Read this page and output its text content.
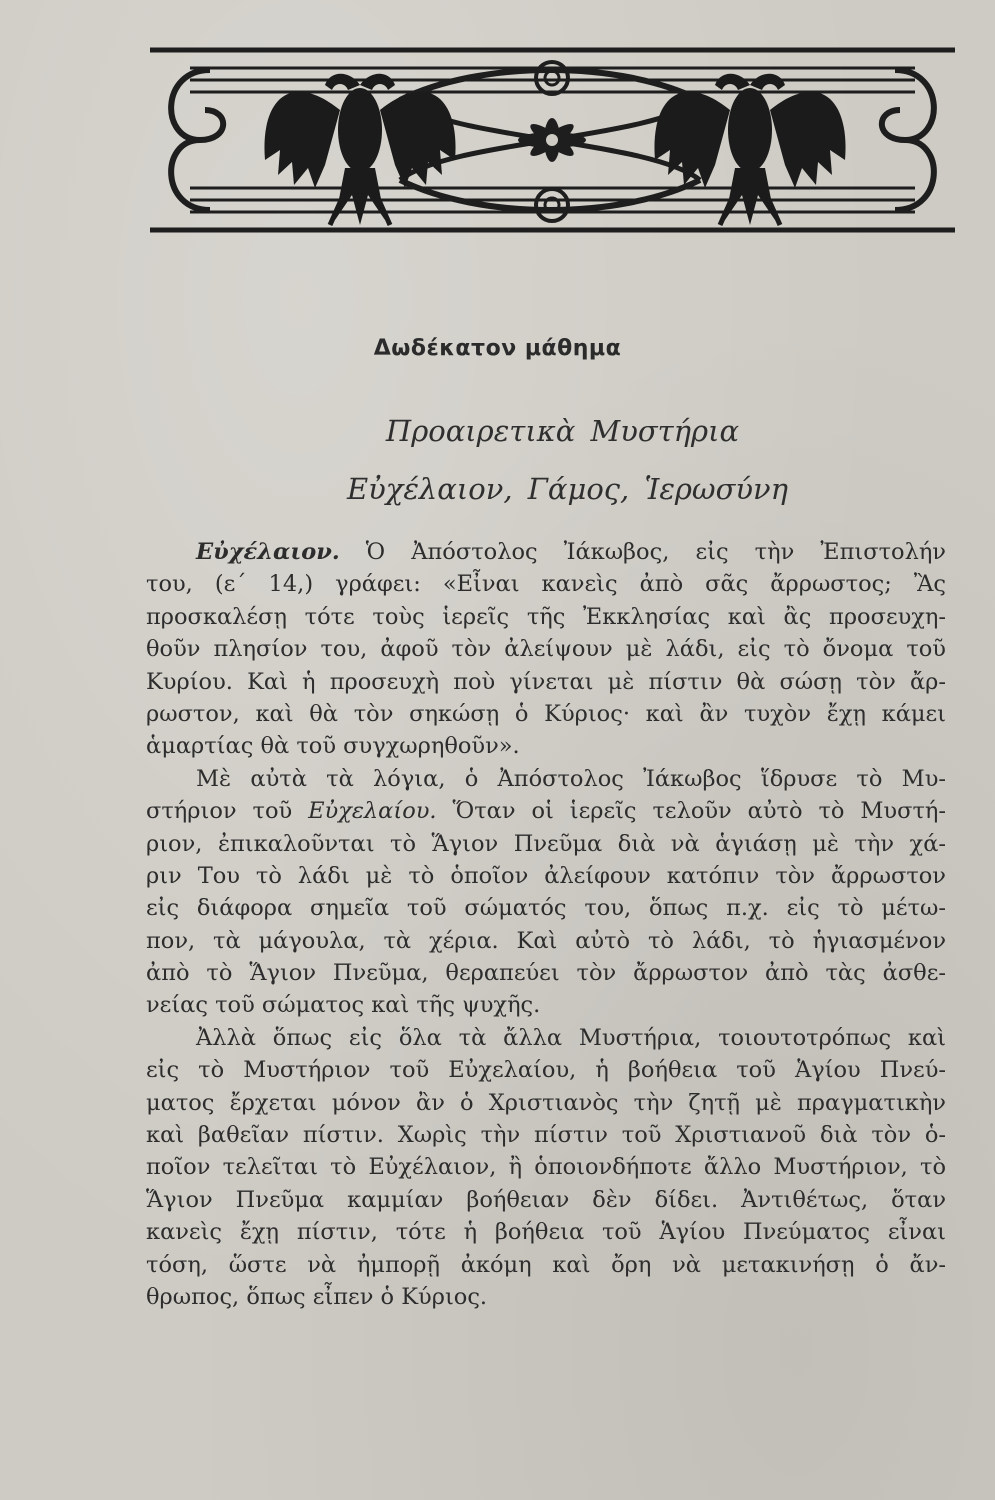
Δωδέκατον μάθημα
Προαιρετικὰ Μυστήρια
Εὐχέλαιον, Γάμος, Ἱερωσύνη
Εὐχέλαιον. Ὁ Ἀπόστολος Ἰάκωβος, εἰς τὴν Ἐπιστολήν
του, (ε΄ 14,) γράφει: «Εἶναι κανεὶς ἀπὸ σᾶς ἄρρωστος; Ἂς
προσκαλέσῃ τότε τοὺς ἱερεῖς τῆς Ἐκκλησίας καὶ ἂς προσευχη-
θοῦν πλησίον του, ἀφοῦ τὸν ἀλείψουν μὲ λάδι, εἰς τὸ ὄνομα τοῦ
Κυρίου. Καὶ ἡ προσευχὴ ποὺ γίνεται μὲ πίστιν θὰ σώσῃ τὸν ἄρ-
ρωστον, καὶ θὰ τὸν σηκώσῃ ὁ Κύριος· καὶ ἂν τυχὸν ἔχῃ κάμει
ἁμαρτίας θὰ τοῦ συγχωρηθοῦν».
Μὲ αὐτὰ τὰ λόγια, ὁ Ἀπόστολος Ἰάκωβος ἵδρυσε τὸ Μυ-
στήριον τοῦ Εὐχελαίου. Ὅταν οἱ ἱερεῖς τελοῦν αὐτὸ τὸ Μυστή-
ριον, ἐπικαλοῦνται τὸ Ἅγιον Πνεῦμα διὰ νὰ ἁγιάσῃ μὲ τὴν χά-
ριν Του τὸ λάδι μὲ τὸ ὁποῖον ἀλείφουν κατόπιν τὸν ἄρρωστον
εἰς διάφορα σημεῖα τοῦ σώματός του, ὅπως π.χ. εἰς τὸ μέτω-
πον, τὰ μάγουλα, τὰ χέρια. Καὶ αὐτὸ τὸ λάδι, τὸ ἡγιασμένον
ἀπὸ τὸ Ἅγιον Πνεῦμα, θεραπεύει τὸν ἄρρωστον ἀπὸ τὰς ἀσθε-
νείας τοῦ σώματος καὶ τῆς ψυχῆς.
Ἀλλὰ ὅπως εἰς ὅλα τὰ ἄλλα Μυστήρια, τοιουτοτρόπως καὶ
εἰς τὸ Μυστήριον τοῦ Εὐχελαίου, ἡ βοήθεια τοῦ Ἁγίου Πνεύ-
ματος ἔρχεται μόνον ἂν ὁ Χριστιανὸς τὴν ζητῇ μὲ πραγματικὴν
καὶ βαθεῖαν πίστιν. Χωρὶς τὴν πίστιν τοῦ Χριστιανοῦ διὰ τὸν ὁ-
ποῖον τελεῖται τὸ Εὐχέλαιον, ἢ ὁποιονδήποτε ἄλλο Μυστήριον, τὸ
Ἅγιον Πνεῦμα καμμίαν βοήθειαν δὲν δίδει. Ἀντιθέτως, ὅταν
κανεὶς ἔχῃ πίστιν, τότε ἡ βοήθεια τοῦ Ἁγίου Πνεύματος εἶναι
τόση, ὥστε νὰ ἠμπορῇ ἀκόμη καὶ ὄρη νὰ μετακινήσῃ ὁ ἄν-
θρωπος, ὅπως εἶπεν ὁ Κύριος.
